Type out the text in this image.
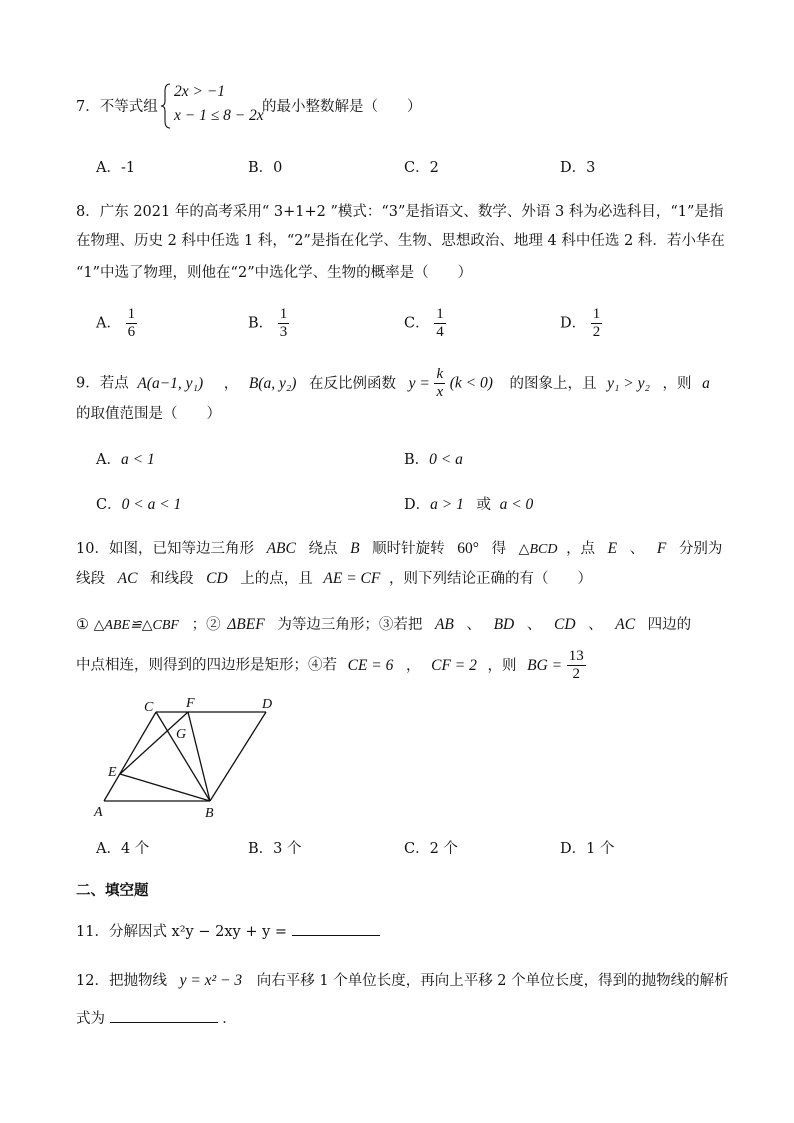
7．不等式组
2x > −1
x − 1 ≤ 8 − 2x
的最小整数解是（　　）
A．-1	B．0	C．2	D．3
8．广东 2021 年的高考采用“ 3+1+2 ”模式：“3”是指语文、数学、外语 3 科为必选科目，“1”是指
在物理、历史 2 科中任选 1 科，“2”是指在化学、生物、思想政治、地理 4 科中任选 2 科．若小华在
“1”中选了物理，则他在“2”中选化学、生物的概率是（　　）
A． $\frac{1}{6}$	B． $\frac{1}{3}$	C． $\frac{1}{4}$	D． $\frac{1}{2}$
9．若点 A(a−1, y₁) ， B(a, y₂) 在反比例函数 $y = \frac{k}{x} (k < 0)$ 的图象上，且 y₁ > y₂ ，则 a
的取值范围是（　　）
A．a < 1	B．0 < a
C．0 < a < 1	D．a > 1 或 a < 0
10．如图，已知等边三角形 ABC 绕点 B 顺时针旋转 60° 得 △BCD ，点 E 、 F 分别为
线段 AC 和线段 CD 上的点，且 AE = CF ，则下列结论正确的有（　　）
① △ABE≌△CBF ；② ΔBEF 为等边三角形；③若把 AB 、 BD 、 CD 、 AC 四边的
中点相连，则得到的四边形是矩形；④若 CE = 6 ， CF = 2 ，则 BG = $\frac{13}{2}$
C F	D
G
E
A	B
A．4 个	B．3 个	C．2 个	D．1 个
二、填空题
11．分解因式 x²y − 2xy + y =
12．把抛物线 y = x² − 3 向右平移 1 个单位长度，再向上平移 2 个单位长度，得到的抛物线的解析
式为	．
